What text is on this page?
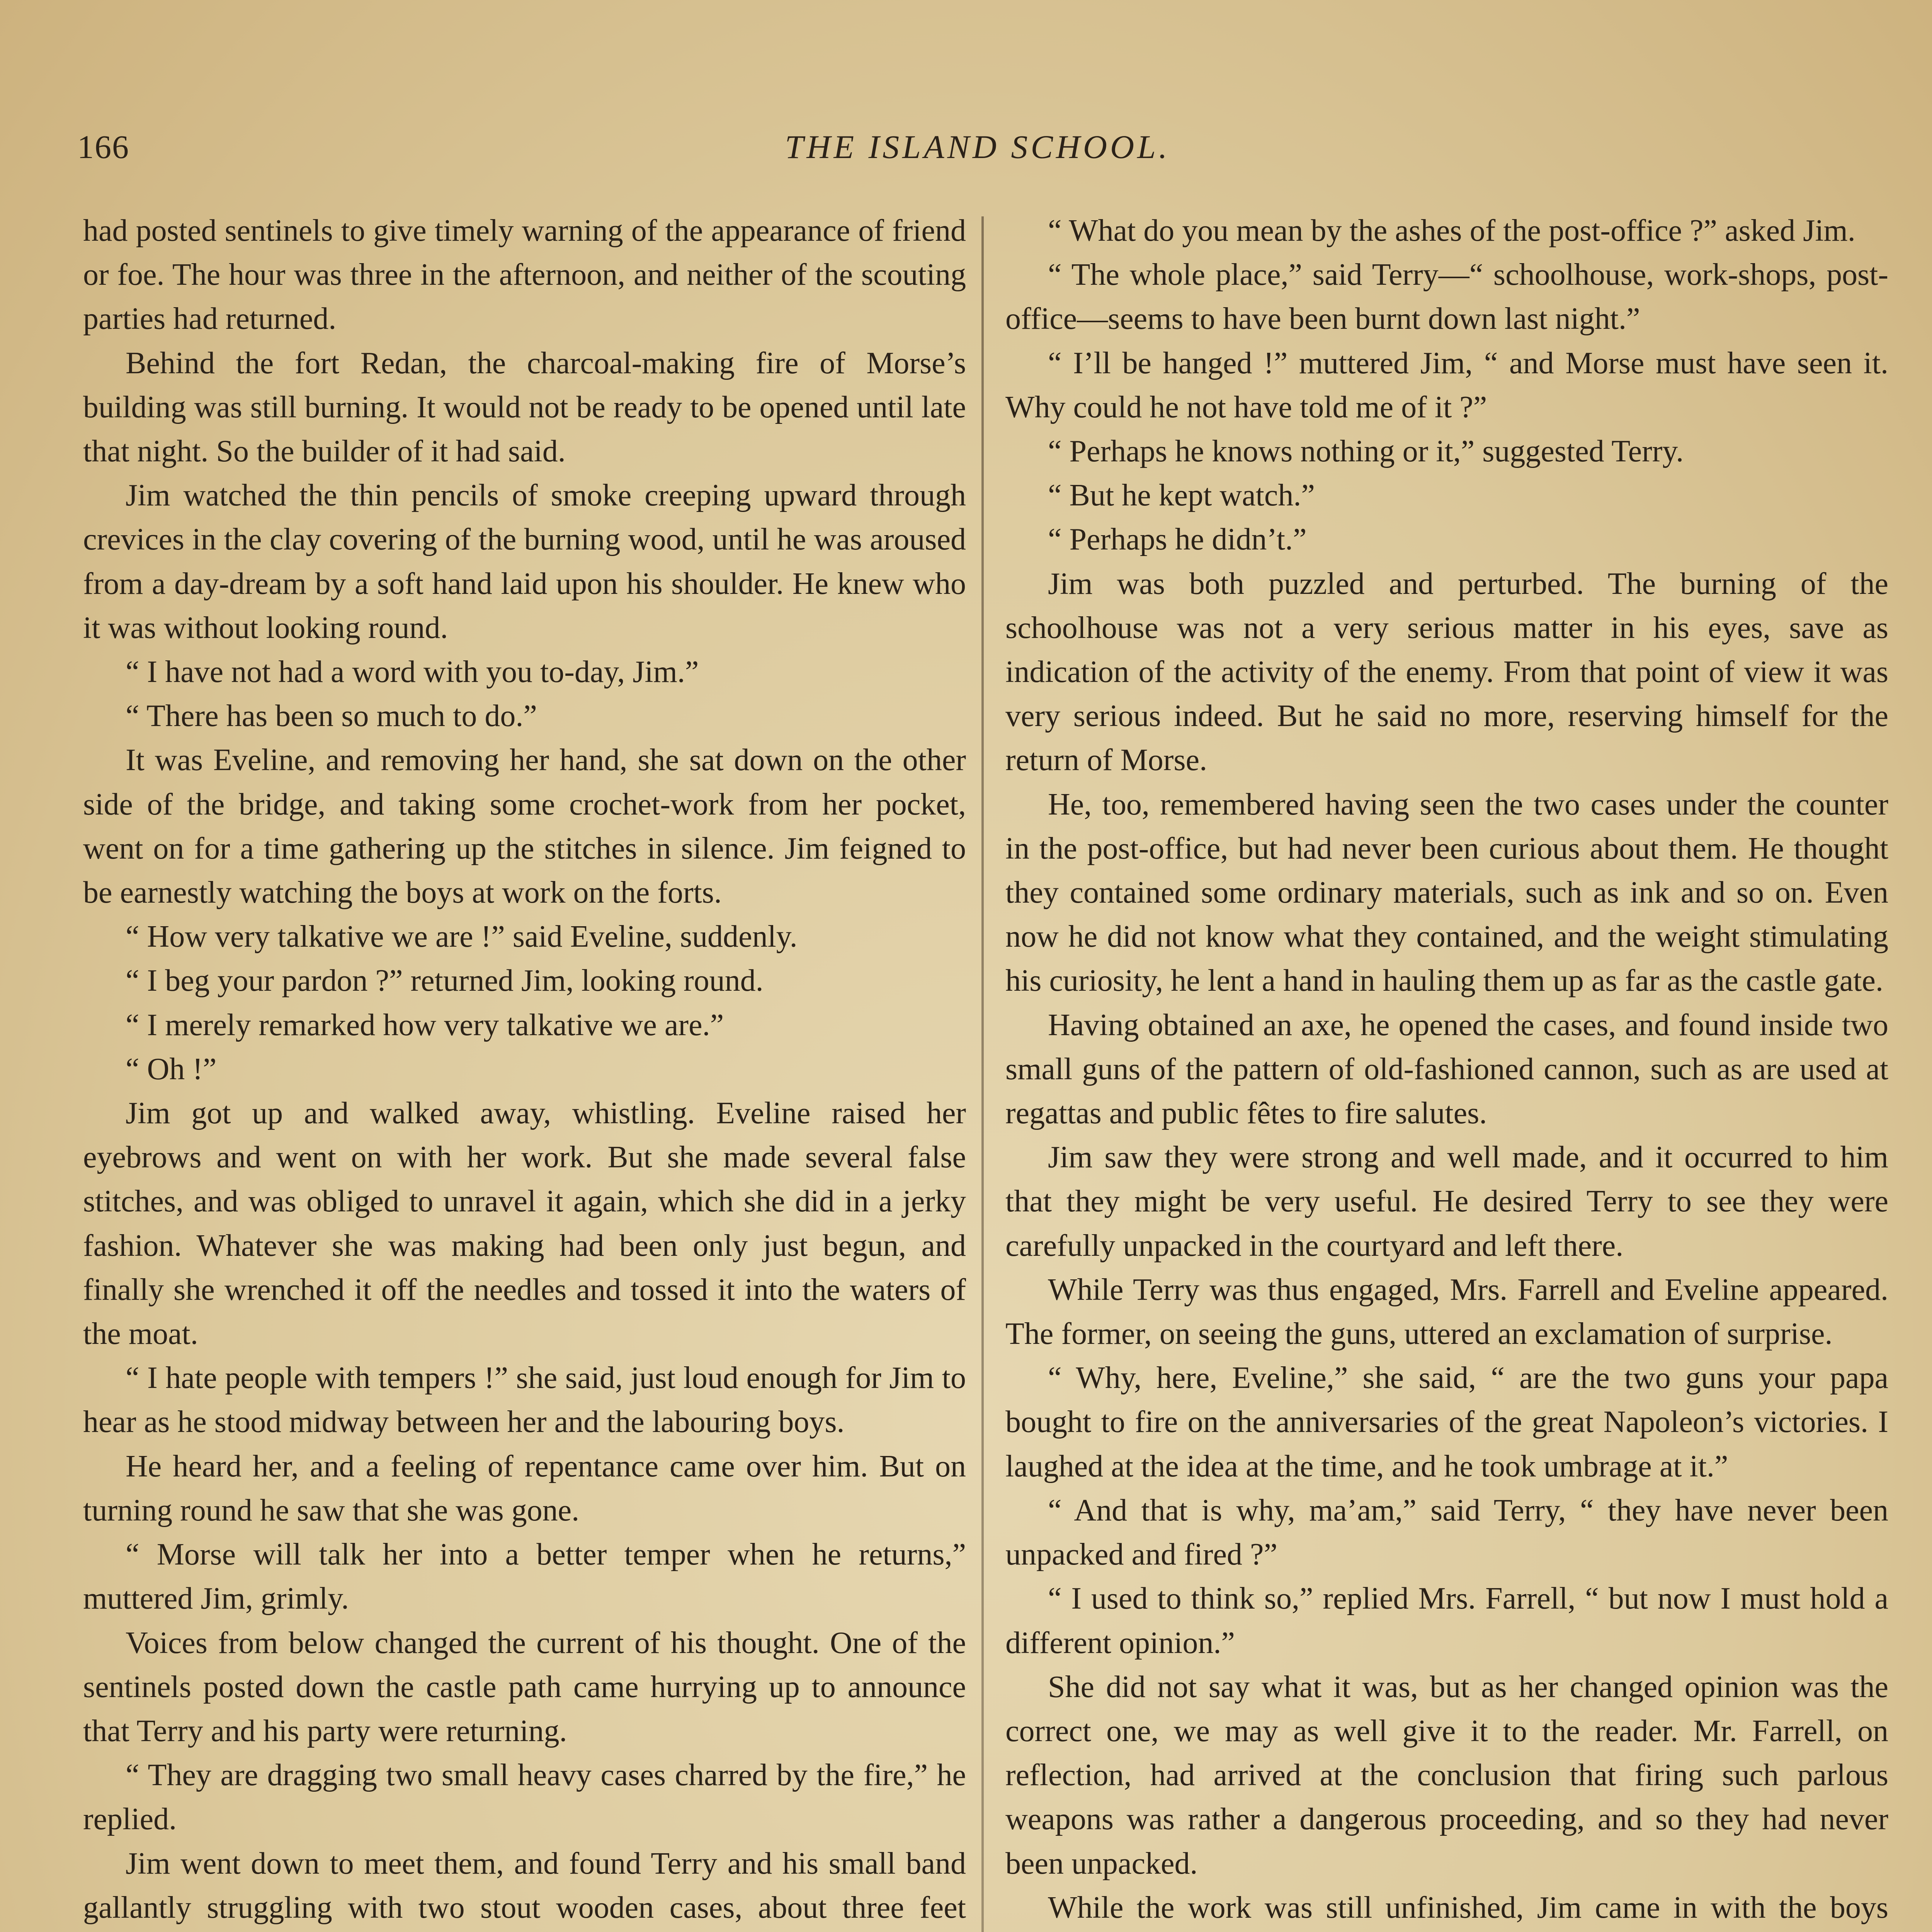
166	THE ISLAND SCHOOL.

had posted sentinels to give timely warning of the appearance of friend or foe. The hour was three in the afternoon, and neither of the scouting parties had returned.

Behind the fort Redan, the charcoal-making fire of Morse’s building was still burning. It would not be ready to be opened until late that night. So the builder of it had said.

Jim watched the thin pencils of smoke creeping upward through crevices in the clay covering of the burning wood, until he was aroused from a day-dream by a soft hand laid upon his shoulder. He knew who it was without looking round.

“ I have not had a word with you to-day, Jim.”

“ There has been so much to do.”

It was Eveline, and removing her hand, she sat down on the other side of the bridge, and taking some crochet-work from her pocket, went on for a time gathering up the stitches in silence. Jim feigned to be earnestly watching the boys at work on the forts.

“ How very talkative we are !” said Eveline, suddenly.

“ I beg your pardon ?” returned Jim, looking round.

“ I merely remarked how very talkative we are.”

“ Oh !”

Jim got up and walked away, whistling. Eveline raised her eyebrows and went on with her work. But she made several false stitches, and was obliged to unravel it again, which she did in a jerky fashion. Whatever she was making had been only just begun, and finally she wrenched it off the needles and tossed it into the waters of the moat.

“ I hate people with tempers !” she said, just loud enough for Jim to hear as he stood midway between her and the labouring boys.

He heard her, and a feeling of repentance came over him. But on turning round he saw that she was gone.

“ Morse will talk her into a better temper when he returns,” muttered Jim, grimly.

Voices from below changed the current of his thought. One of the sentinels posted down the castle path came hurrying up to announce that Terry and his party were returning.

“ They are dragging two small heavy cases charred by the fire,” he replied.

Jim went down to meet them, and found Terry and his small band gallantly struggling with two stout wooden cases, about three feet

“ What do you mean by the ashes of the post-office ?” asked Jim.

“ The whole place,” said Terry—“ schoolhouse, work-shops, post-office—seems to have been burnt down last night.”

“ I’ll be hanged !” muttered Jim, “ and Morse must have seen it. Why could he not have told me of it ?”

“ Perhaps he knows nothing or it,” suggested Terry.

“ But he kept watch.”

“ Perhaps he didn’t.”

Jim was both puzzled and perturbed. The burning of the schoolhouse was not a very serious matter in his eyes, save as indication of the activity of the enemy. From that point of view it was very serious indeed. But he said no more, reserving himself for the return of Morse.

He, too, remembered having seen the two cases under the counter in the post-office, but had never been curious about them. He thought they contained some ordinary materials, such as ink and so on. Even now he did not know what they contained, and the weight stimulating his curiosity, he lent a hand in hauling them up as far as the castle gate.

Having obtained an axe, he opened the cases, and found inside two small guns of the pattern of old-fashioned cannon, such as are used at regattas and public fêtes to fire salutes.

Jim saw they were strong and well made, and it occurred to him that they might be very useful. He desired Terry to see they were carefully unpacked in the courtyard and left there.

While Terry was thus engaged, Mrs. Farrell and Eveline appeared. The former, on seeing the guns, uttered an exclamation of surprise.

“ Why, here, Eveline,” she said, “ are the two guns your papa bought to fire on the anniversaries of the great Napoleon’s victories. I laughed at the idea at the time, and he took umbrage at it.”

“ And that is why, ma’am,” said Terry, “ they have never been unpacked and fired ?”

“ I used to think so,” replied Mrs. Farrell, “ but now I must hold a different opinion.”

She did not say what it was, but as her changed opinion was the correct one, we may as well give it to the reader. Mr. Farrell, on reflection, had arrived at the conclusion that firing such parlous weapons was rather a dangerous proceeding, and so they had never been unpacked.

While the work was still unfinished, Jim came in with the boys
